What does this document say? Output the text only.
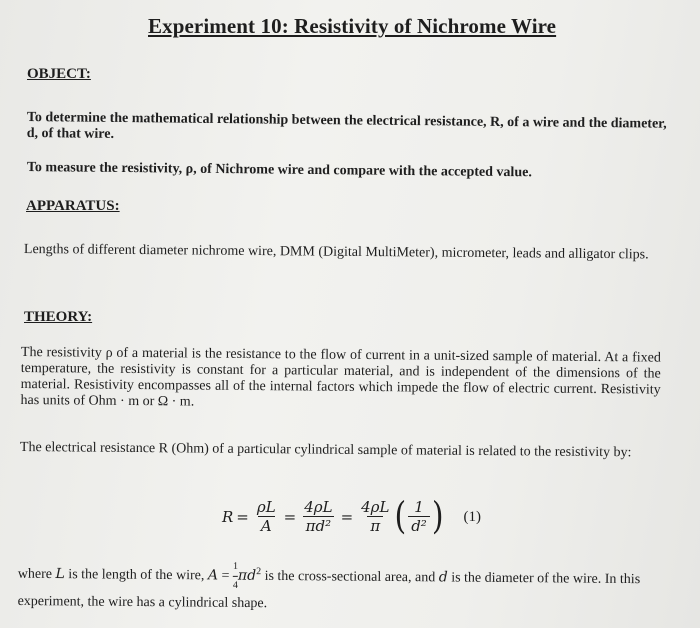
Experiment 10: Resistivity of Nichrome Wire
OBJECT:
To determine the mathematical relationship between the electrical resistance, R, of a wire and the diameter, d, of that wire.
To measure the resistivity, ρ, of Nichrome wire and compare with the accepted value.
APPARATUS:
Lengths of different diameter nichrome wire, DMM (Digital MultiMeter), micrometer, leads and alligator clips.
THEORY:
The resistivity ρ of a material is the resistance to the flow of current in a unit-sized sample of material. At a fixed temperature, the resistivity is constant for a particular material, and is independent of the dimensions of the material. Resistivity encompasses all of the internal factors which impede the flow of electric current. Resistivity has units of Ohm · m or Ω · m.
The electrical resistance R (Ohm) of a particular cylindrical sample of material is related to the resistivity by:
$R = \frac{\rho L}{A} = \frac{4\rho L}{\text{πd²}} = \frac{4\rho L}{\pi}$ ( $\frac{1}{\text{d²}}$ ) (1)
where L is the length of the wire, $A = \frac{1}{4} \pi d^2$ is the cross-sectional area, and d is the diameter of the wire. In this experiment, the wire has a cylindrical shape.
